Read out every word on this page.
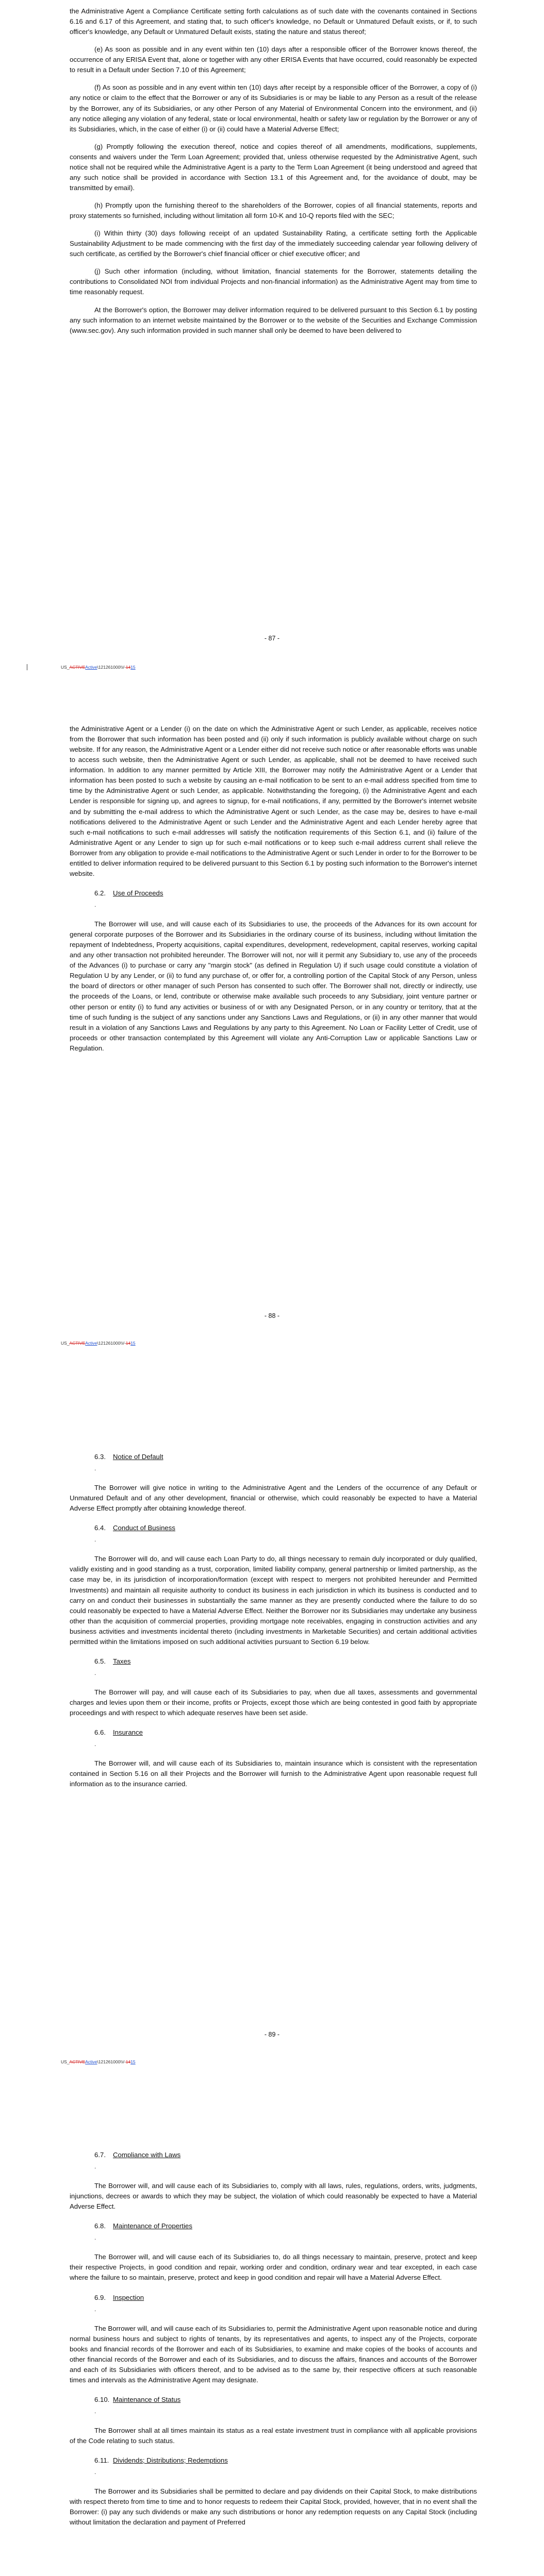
the Administrative Agent a Compliance Certificate setting forth calculations as of such date with the covenants contained in Sections 6.16 and 6.17 of this Agreement, and stating that, to such officer's knowledge, no Default or Unmatured Default exists, or if, to such officer's knowledge, any Default or Unmatured Default exists, stating the nature and status thereof;

(e) As soon as possible and in any event within ten (10) days after a responsible officer of the Borrower knows thereof, the occurrence of any ERISA Event that, alone or together with any other ERISA Events that have occurred, could reasonably be expected to result in a Default under Section 7.10 of this Agreement;

(f) As soon as possible and in any event within ten (10) days after receipt by a responsible officer of the Borrower, a copy of (i) any notice or claim to the effect that the Borrower or any of its Subsidiaries is or may be liable to any Person as a result of the release by the Borrower, any of its Subsidiaries, or any other Person of any Material of Environmental Concern into the environment, and (ii) any notice alleging any violation of any federal, state or local environmental, health or safety law or regulation by the Borrower or any of its Subsidiaries, which, in the case of either (i) or (ii) could have a Material Adverse Effect;

(g) Promptly following the execution thereof, notice and copies thereof of all amendments, modifications, supplements, consents and waivers under the Term Loan Agreement; provided that, unless otherwise requested by the Administrative Agent, such notice shall not be required while the Administrative Agent is a party to the Term Loan Agreement (it being understood and agreed that any such notice shall be provided in accordance with Section 13.1 of this Agreement and, for the avoidance of doubt, may be transmitted by email).

(h) Promptly upon the furnishing thereof to the shareholders of the Borrower, copies of all financial statements, reports and proxy statements so furnished, including without limitation all form 10-K and 10-Q reports filed with the SEC;

(i) Within thirty (30) days following receipt of an updated Sustainability Rating, a certificate setting forth the Applicable Sustainability Adjustment to be made commencing with the first day of the immediately succeeding calendar year following delivery of such certificate, as certified by the Borrower's chief financial officer or chief executive officer; and

(j) Such other information (including, without limitation, financial statements for the Borrower, statements detailing the contributions to Consolidated NOI from individual Projects and non-financial information) as the Administrative Agent may from time to time reasonably request.

At the Borrower's option, the Borrower may deliver information required to be delivered pursuant to this Section 6.1 by posting any such information to an internet website maintained by the Borrower or to the website of the Securities and Exchange Commission (www.sec.gov). Any such information provided in such manner shall only be deemed to have been delivered to

- 87 -
US_ACTIVEActive\121261000\V-1415

the Administrative Agent or a Lender (i) on the date on which the Administrative Agent or such Lender, as applicable, receives notice from the Borrower that such information has been posted and (ii) only if such information is publicly available without charge on such website. If for any reason, the Administrative Agent or a Lender either did not receive such notice or after reasonable efforts was unable to access such website, then the Administrative Agent or such Lender, as applicable, shall not be deemed to have received such information. In addition to any manner permitted by Article XIII, the Borrower may notify the Administrative Agent or a Lender that information has been posted to such a website by causing an e-mail notification to be sent to an e-mail address specified from time to time by the Administrative Agent or such Lender, as applicable. Notwithstanding the foregoing, (i) the Administrative Agent and each Lender is responsible for signing up, and agrees to signup, for e-mail notifications, if any, permitted by the Borrower's internet website and by submitting the e-mail address to which the Administrative Agent or such Lender, as the case may be, desires to have e-mail notifications delivered to the Administrative Agent or such Lender and the Administrative Agent and each Lender hereby agree that such e-mail notifications to such e-mail addresses will satisfy the notification requirements of this Section 6.1, and (ii) failure of the Administrative Agent or any Lender to sign up for such e-mail notifications or to keep such e-mail address current shall relieve the Borrower from any obligation to provide e-mail notifications to the Administrative Agent or such Lender in order to for the Borrower to be entitled to deliver information required to be delivered pursuant to this Section 6.1 by posting such information to the Borrower's internet website.

6.2. Use of Proceeds
.

The Borrower will use, and will cause each of its Subsidiaries to use, the proceeds of the Advances for its own account for general corporate purposes of the Borrower and its Subsidiaries in the ordinary course of its business, including without limitation the repayment of Indebtedness, Property acquisitions, capital expenditures, development, redevelopment, capital reserves, working capital and any other transaction not prohibited hereunder. The Borrower will not, nor will it permit any Subsidiary to, use any of the proceeds of the Advances (i) to purchase or carry any "margin stock" (as defined in Regulation U) if such usage could constitute a violation of Regulation U by any Lender, or (ii) to fund any purchase of, or offer for, a controlling portion of the Capital Stock of any Person, unless the board of directors or other manager of such Person has consented to such offer. The Borrower shall not, directly or indirectly, use the proceeds of the Loans, or lend, contribute or otherwise make available such proceeds to any Subsidiary, joint venture partner or other person or entity (i) to fund any activities or business of or with any Designated Person, or in any country or territory, that at the time of such funding is the subject of any sanctions under any Sanctions Laws and Regulations, or (ii) in any other manner that would result in a violation of any Sanctions Laws and Regulations by any party to this Agreement. No Loan or Facility Letter of Credit, use of proceeds or other transaction contemplated by this Agreement will violate any Anti-Corruption Law or applicable Sanctions Law or Regulation.

- 88 -
US_ACTIVEActive\121261000\V-1415
6.3. Notice of Default
.

The Borrower will give notice in writing to the Administrative Agent and the Lenders of the occurrence of any Default or Unmatured Default and of any other development, financial or otherwise, which could reasonably be expected to have a Material Adverse Effect promptly after obtaining knowledge thereof.

6.4. Conduct of Business
.

The Borrower will do, and will cause each Loan Party to do, all things necessary to remain duly incorporated or duly qualified, validly existing and in good standing as a trust, corporation, limited liability company, general partnership or limited partnership, as the case may be, in its jurisdiction of incorporation/formation (except with respect to mergers not prohibited hereunder and Permitted Investments) and maintain all requisite authority to conduct its business in each jurisdiction in which its business is conducted and to carry on and conduct their businesses in substantially the same manner as they are presently conducted where the failure to do so could reasonably be expected to have a Material Adverse Effect. Neither the Borrower nor its Subsidiaries may undertake any business other than the acquisition of commercial properties, providing mortgage note receivables, engaging in construction activities and any business activities and investments incidental thereto (including investments in Marketable Securities) and certain additional activities permitted within the limitations imposed on such additional activities pursuant to Section 6.19 below.

6.5. Taxes
.

The Borrower will pay, and will cause each of its Subsidiaries to pay, when due all taxes, assessments and governmental charges and levies upon them or their income, profits or Projects, except those which are being contested in good faith by appropriate proceedings and with respect to which adequate reserves have been set aside.

6.6. Insurance
.

The Borrower will, and will cause each of its Subsidiaries to, maintain insurance which is consistent with the representation contained in Section 5.16 on all their Projects and the Borrower will furnish to the Administrative Agent upon reasonable request full information as to the insurance carried.

- 89 -
US_ACTIVEActive\121261000\V-1415
6.7. Compliance with Laws
.

The Borrower will, and will cause each of its Subsidiaries to, comply with all laws, rules, regulations, orders, writs, judgments, injunctions, decrees or awards to which they may be subject, the violation of which could reasonably be expected to have a Material Adverse Effect.

6.8. Maintenance of Properties
.

The Borrower will, and will cause each of its Subsidiaries to, do all things necessary to maintain, preserve, protect and keep their respective Projects, in good condition and repair, working order and condition, ordinary wear and tear excepted, in each case where the failure to so maintain, preserve, protect and keep in good condition and repair will have a Material Adverse Effect.

6.9. Inspection
.

The Borrower will, and will cause each of its Subsidiaries to, permit the Administrative Agent upon reasonable notice and during normal business hours and subject to rights of tenants, by its representatives and agents, to inspect any of the Projects, corporate books and financial records of the Borrower and each of its Subsidiaries, to examine and make copies of the books of accounts and other financial records of the Borrower and each of its Subsidiaries, and to discuss the affairs, finances and accounts of the Borrower and each of its Subsidiaries with officers thereof, and to be advised as to the same by, their respective officers at such reasonable times and intervals as the Administrative Agent may designate.

6.10. Maintenance of Status
.

The Borrower shall at all times maintain its status as a real estate investment trust in compliance with all applicable provisions of the Code relating to such status.

6.11. Dividends; Distributions; Redemptions
.

The Borrower and its Subsidiaries shall be permitted to declare and pay dividends on their Capital Stock, to make distributions with respect thereto from time to time and to honor requests to redeem their Capital Stock, provided, however, that in no event shall the Borrower: (i) pay any such dividends or make any such distributions or honor any redemption requests on any Capital Stock (including without limitation the declaration and payment of Preferred
